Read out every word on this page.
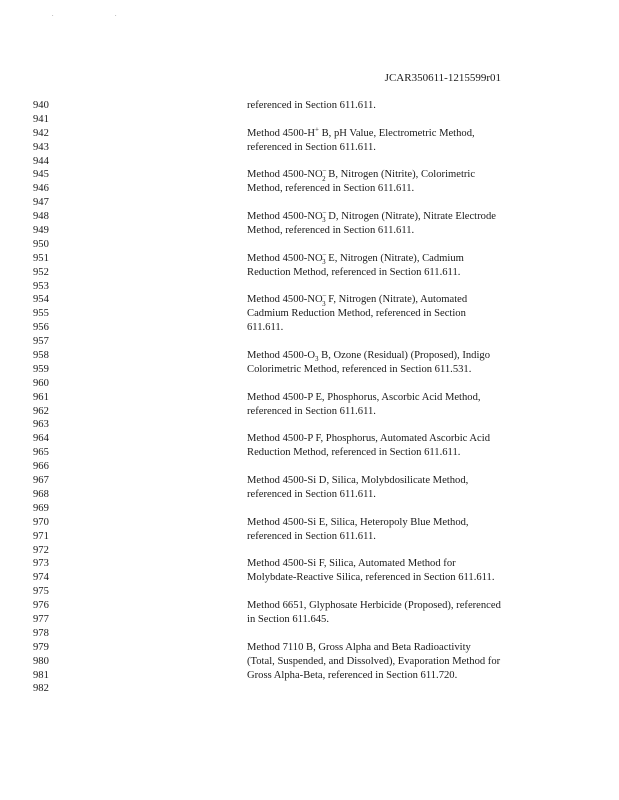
. .
JCAR350611-1215599r01
940	referenced in Section 611.611.
941
942	Method 4500-H+ B, pH Value, Electrometric Method,
943	referenced in Section 611.611.
944
945	Method $4500-NO^-_2$ B, Nitrogen (Nitrite), Colorimetric
946	Method, referenced in Section 611.611.
947
948	Method $4500-NO^-_3$ D, Nitrogen (Nitrate), Nitrate Electrode
949	Method, referenced in Section 611.611.
950
951	Method $4500-NO^-_3$ E, Nitrogen (Nitrate), Cadmium
952	Reduction Method, referenced in Section 611.611.
953
954	Method $4500-NO^-_3$ F, Nitrogen (Nitrate), Automated
955	Cadmium Reduction Method, referenced in Section
956	611.611.
957
958	Method $4500-O_3$ B, Ozone (Residual) (Proposed), Indigo
959	Colorimetric Method, referenced in Section 611.531.
960
961	Method 4500-P E, Phosphorus, Ascorbic Acid Method,
962	referenced in Section 611.611.
963
964	Method 4500-P F, Phosphorus, Automated Ascorbic Acid
965	Reduction Method, referenced in Section 611.611.
966
967	Method 4500-Si D, Silica, Molybdosilicate Method,
968	referenced in Section 611.611.
969
970	Method 4500-Si E, Silica, Heteropoly Blue Method,
971	referenced in Section 611.611.
972
973	Method 4500-Si F, Silica, Automated Method for
974	Molybdate-Reactive Silica, referenced in Section 611.611.
975
976	Method 6651, Glyphosate Herbicide (Proposed), referenced
977	in Section 611.645.
978
979	Method 7110 B, Gross Alpha and Beta Radioactivity
980	(Total, Suspended, and Dissolved), Evaporation Method for
981	Gross Alpha-Beta, referenced in Section 611.720.
982
